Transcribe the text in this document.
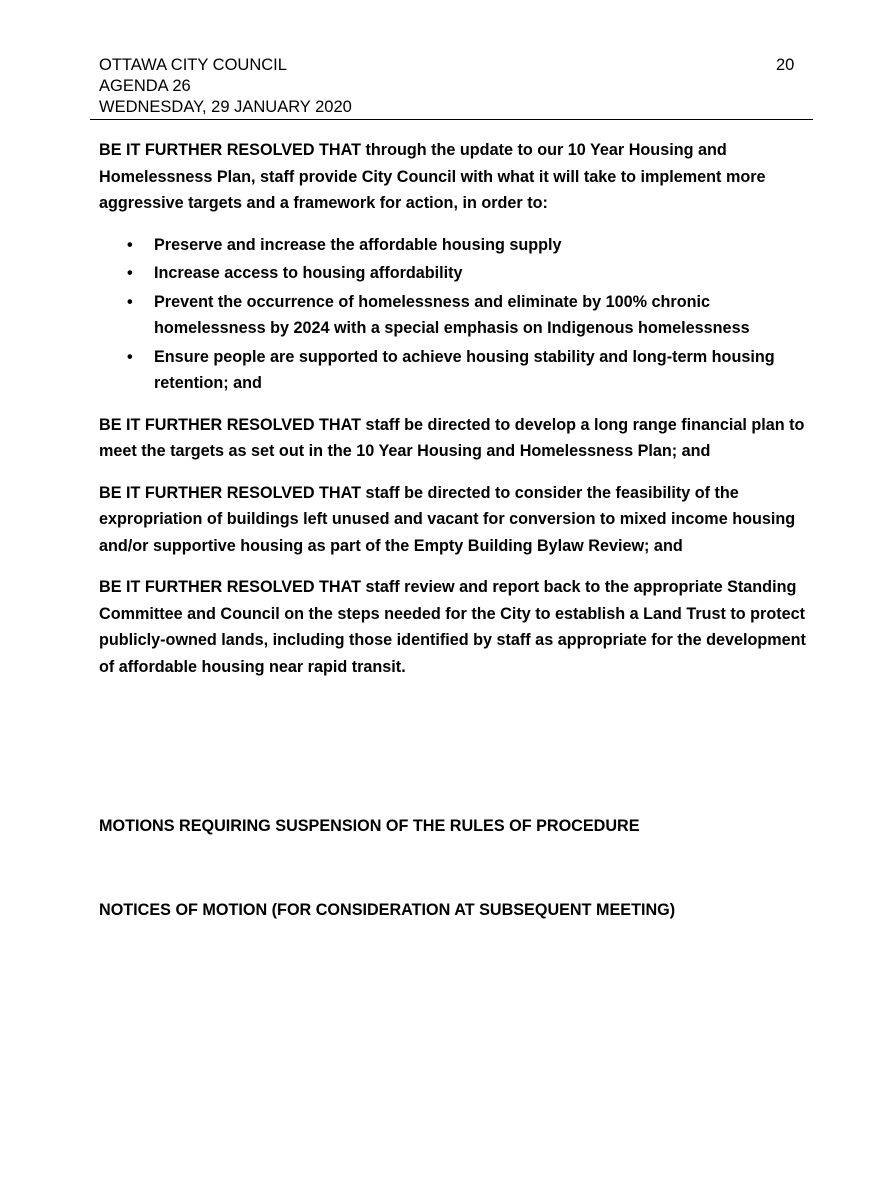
OTTAWA CITY COUNCIL
AGENDA 26
WEDNESDAY, 29 JANUARY 2020
20

BE IT FURTHER RESOLVED THAT through the update to our 10 Year Housing and Homelessness Plan, staff provide City Council with what it will take to implement more aggressive targets and a framework for action, in order to:

• Preserve and increase the affordable housing supply
• Increase access to housing affordability
• Prevent the occurrence of homelessness and eliminate by 100% chronic homelessness by 2024 with a special emphasis on Indigenous homelessness
• Ensure people are supported to achieve housing stability and long-term housing retention; and

BE IT FURTHER RESOLVED THAT staff be directed to develop a long range financial plan to meet the targets as set out in the 10 Year Housing and Homelessness Plan; and

BE IT FURTHER RESOLVED THAT staff be directed to consider the feasibility of the expropriation of buildings left unused and vacant for conversion to mixed income housing and/or supportive housing as part of the Empty Building Bylaw Review; and

BE IT FURTHER RESOLVED THAT staff review and report back to the appropriate Standing Committee and Council on the steps needed for the City to establish a Land Trust to protect publicly-owned lands, including those identified by staff as appropriate for the development of affordable housing near rapid transit.

MOTIONS REQUIRING SUSPENSION OF THE RULES OF PROCEDURE
NOTICES OF MOTION (FOR CONSIDERATION AT SUBSEQUENT MEETING)
